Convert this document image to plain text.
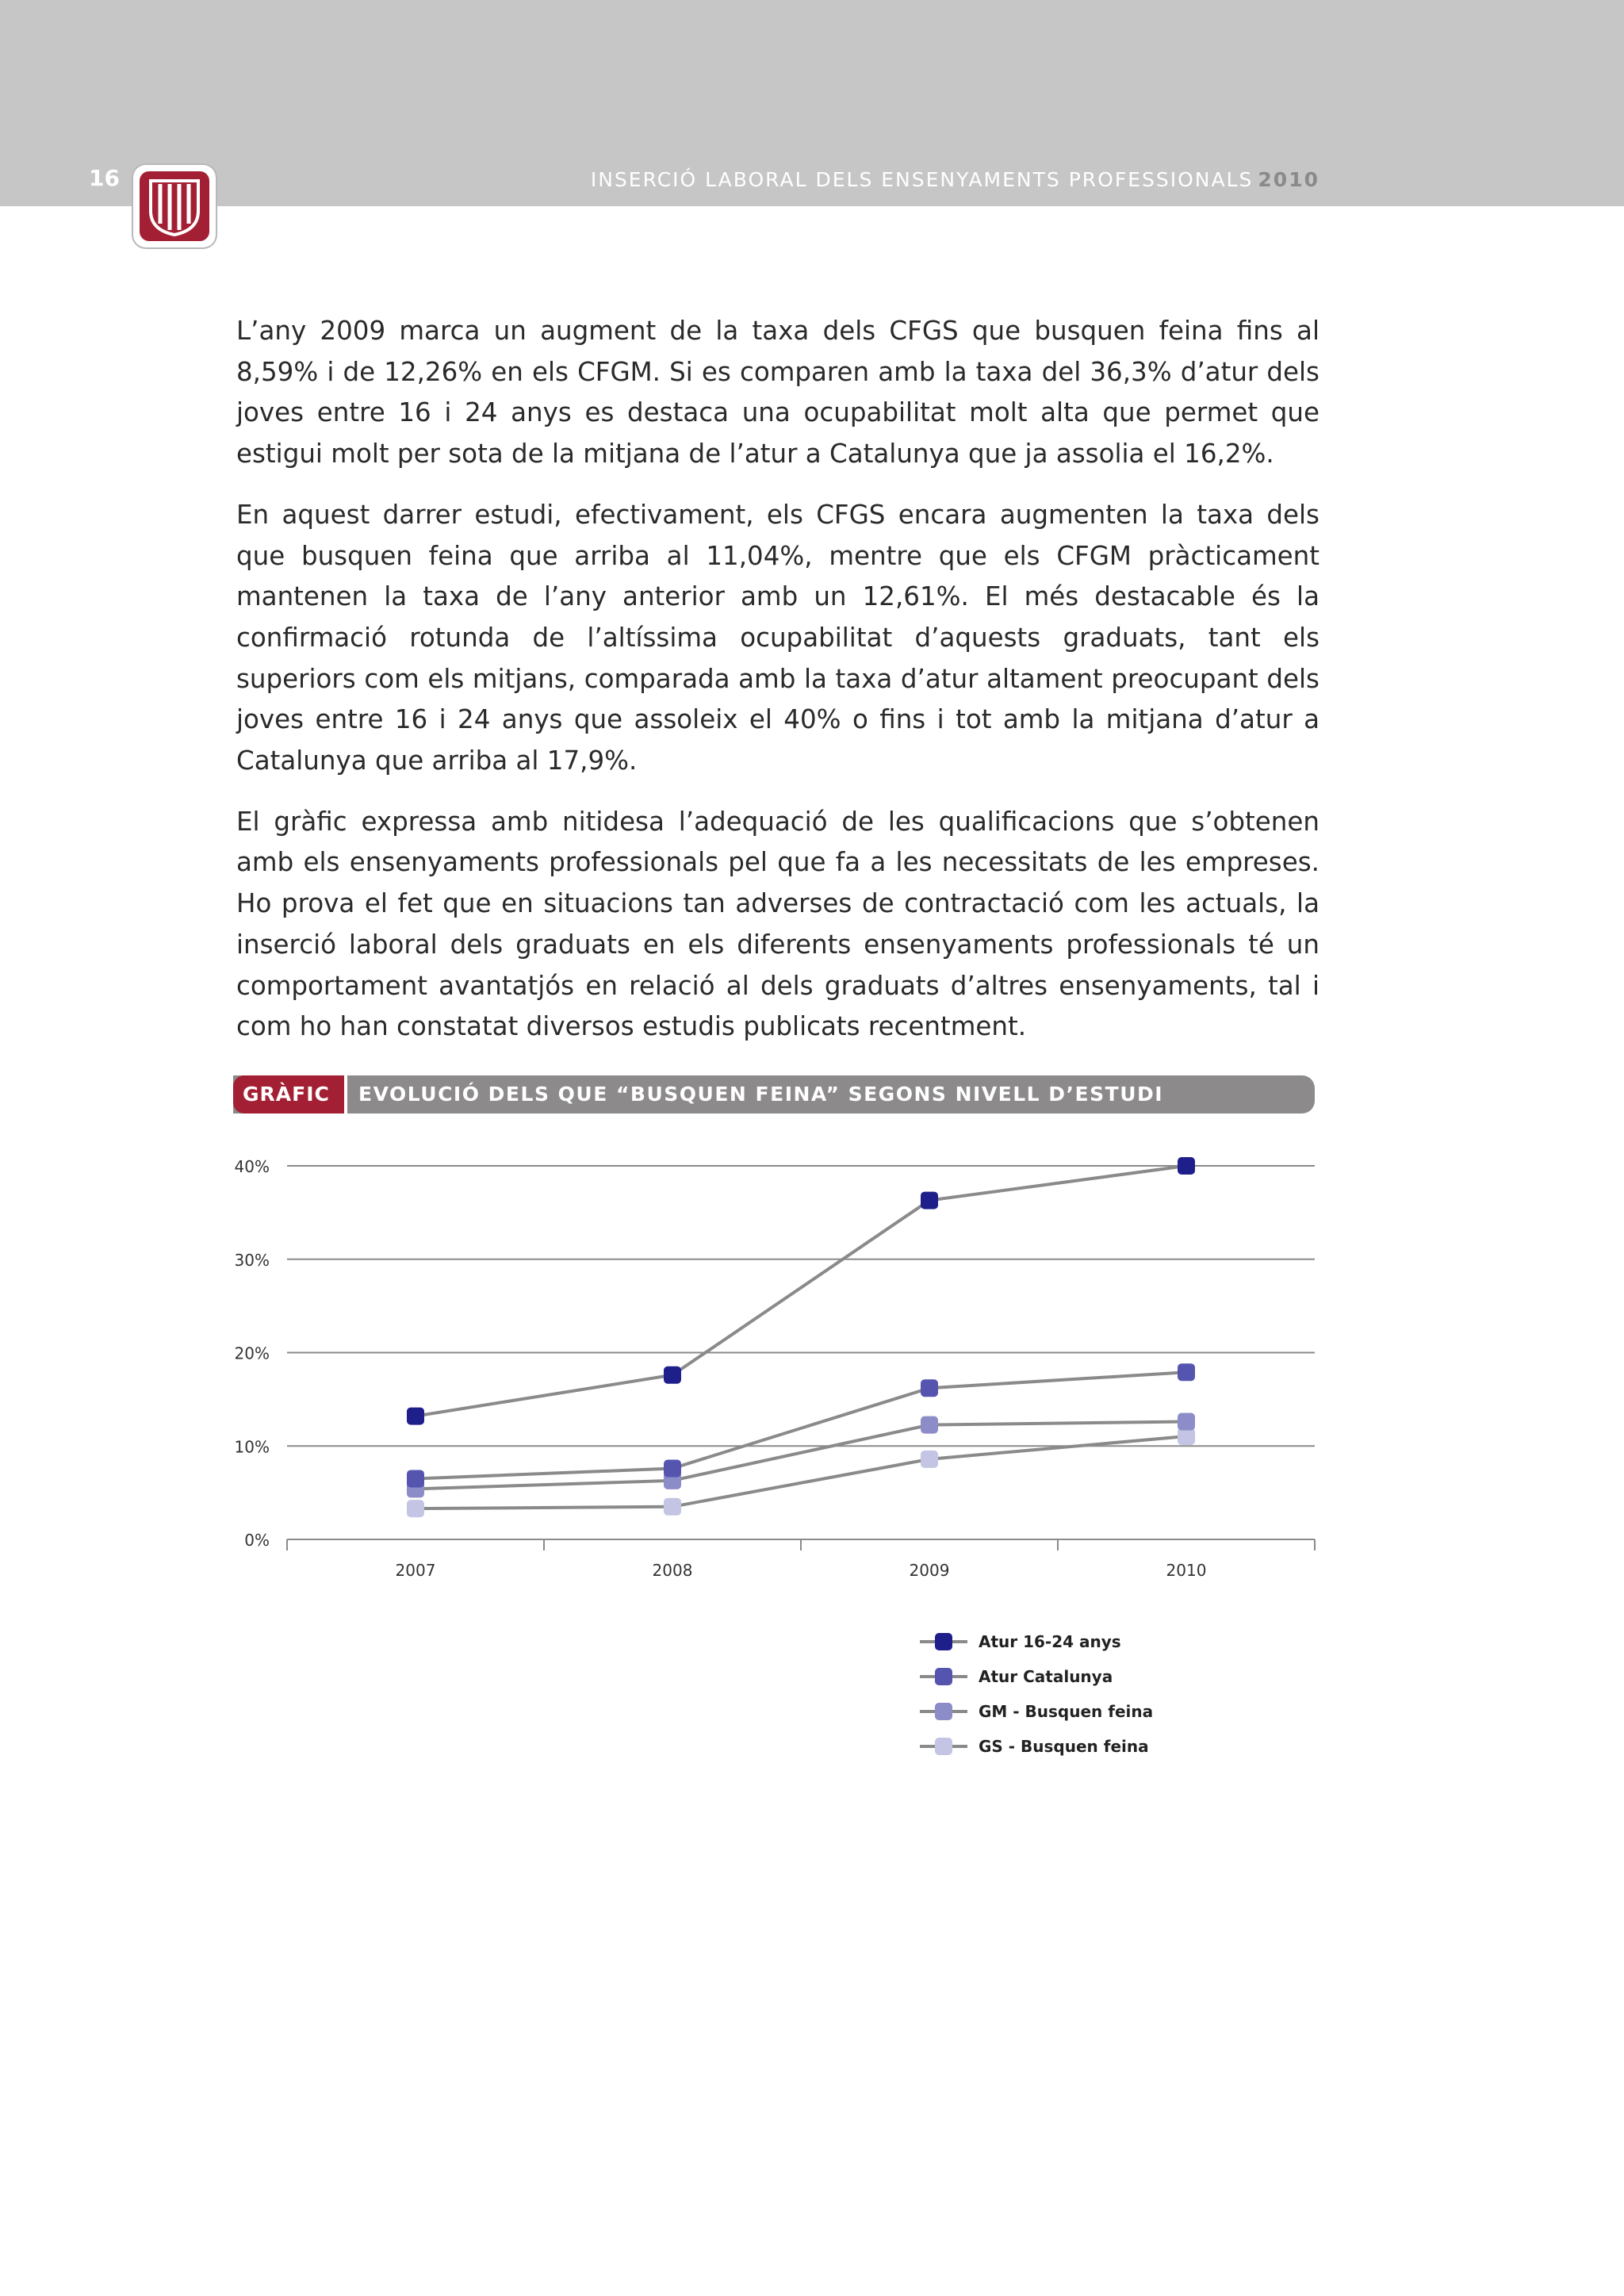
16	INSERCIÓ LABORAL DELS ENSENYAMENTS PROFESSIONALS 2010

L’any 2009 marca un augment de la taxa dels CFGS que busquen feina fins al 8,59% i de 12,26% en els CFGM. Si es comparen amb la taxa del 36,3% d’atur dels joves entre 16 i 24 anys es destaca una ocupabilitat molt alta que permet que estigui molt per sota de la mitjana de l’atur a Catalunya que ja assolia el 16,2%.

En aquest darrer estudi, efectivament, els CFGS encara augmenten la taxa dels que busquen feina que arriba al 11,04%, mentre que els CFGM pràcticament mantenen la taxa de l’any anterior amb un 12,61%. El més destacable és la confirmació rotunda de l’altíssima ocupabilitat d’aquests graduats, tant els superiors com els mitjans, comparada amb la taxa d’atur altament preocupant dels joves entre 16 i 24 anys que assoleix el 40% o fins i tot amb la mitjana d’atur a Catalunya que arriba al 17,9%.

El gràfic expressa amb nitidesa l’adequació de les qualificacions que s’obtenen amb els ensenyaments professionals pel que fa a les necessitats de les empreses. Ho prova el fet que en situacions tan adverses de contractació com les actuals, la inserció laboral dels graduats en els diferents ensenyaments professionals té un comportament avantatjós en relació al dels graduats d’altres ensenyaments, tal i com ho han constatat diversos estudis publicats recentment.

GRÀFIC 4
EVOLUCIÓ DELS QUE “BUSQUEN FEINA” SEGONS NIVELL D’ESTUDI
0%
10%
20%
30%
40%
2007	2008	2009	2010
Atur 16-24 anys
Atur Catalunya
GM - Busquen feina
GS - Busquen feina
